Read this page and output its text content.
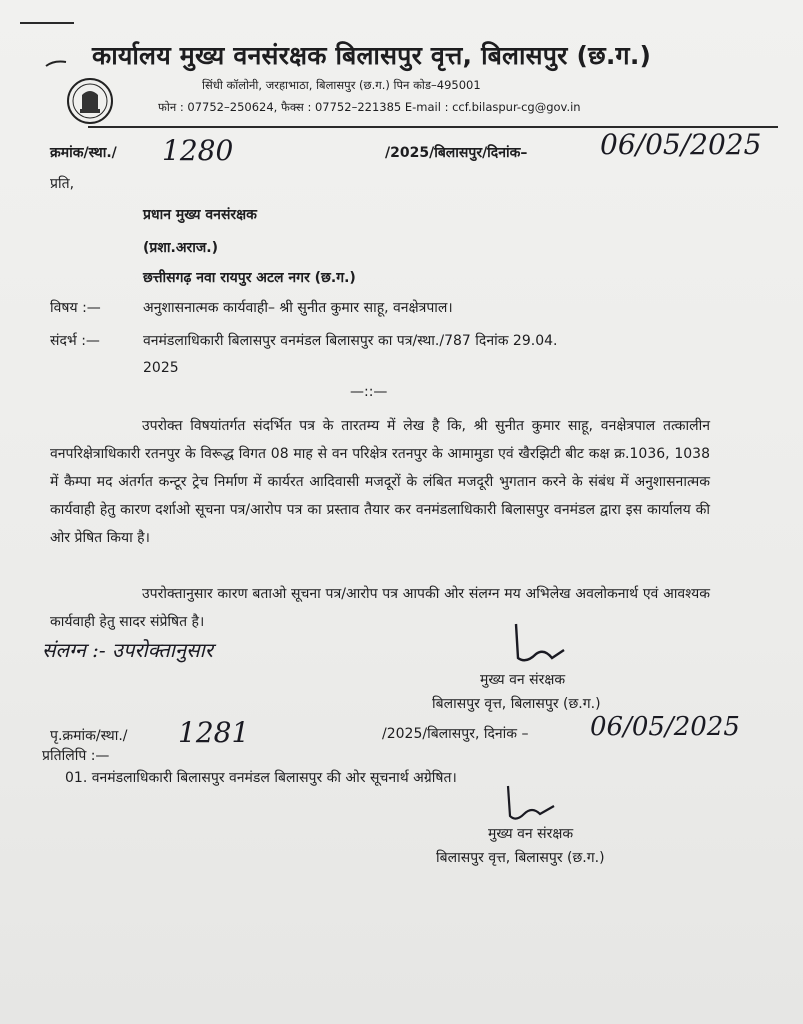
कार्यालय मुख्य वनसंरक्षक बिलासपुर वृत्त, बिलासपुर (छ.ग.)
सिंधी कॉलोनी, जरहाभाठा, बिलासपुर (छ.ग.) पिन कोड–495001
फोन : 07752–250624, फैक्स : 07752–221385 E-mail : ccf.bilaspur-cg@gov.in
क्रमांक/स्था./ 1280	/2025/बिलासपुर/दिनांक–	06/05/2025
प्रति,
प्रधान मुख्य वनसंरक्षक
(प्रशा.अराज.)
छत्तीसगढ़ नवा रायपुर अटल नगर (छ.ग.)
विषय :—	अनुशासनात्मक कार्यवाही– श्री सुनीत कुमार साहू, वनक्षेत्रपाल।
संदर्भ :—	वनमंडलाधिकारी बिलासपुर वनमंडल बिलासपुर का पत्र/स्था./787 दिनांक 29.04.
2025
—::—
उपरोक्त विषयांतर्गत संदर्भित पत्र के तारतम्य में लेख है कि, श्री सुनीत कुमार साहू, वनक्षेत्रपाल तत्कालीन वनपरिक्षेत्राधिकारी रतनपुर के विरूद्ध विगत 08 माह से वन परिक्षेत्र रतनपुर के आमामुडा एवं खैरझिटी बीट कक्ष क्र.1036, 1038 में कैम्पा मद अंतर्गत कन्टूर ट्रेच निर्माण में कार्यरत आदिवासी मजदूरों के लंबित मजदूरी भुगतान करने के संबंध में अनुशासनात्मक कार्यवाही हेतु कारण दर्शाओ सूचना पत्र/आरोप पत्र का प्रस्ताव तैयार कर वनमंडलाधिकारी बिलासपुर वनमंडल द्वारा इस कार्यालय की ओर प्रेषित किया है।
उपरोक्तानुसार कारण बताओ सूचना पत्र/आरोप पत्र आपकी ओर संलग्न मय अभिलेख अवलोकनार्थ एवं आवश्यक कार्यवाही हेतु सादर संप्रेषित है।
संलग्न :- उपरोक्तानुसार
मुख्य वन संरक्षक
बिलासपुर वृत्त, बिलासपुर (छ.ग.)
पृ.क्रमांक/स्था./ 1281	/2025/बिलासपुर, दिनांक – 06/05/2025
प्रतिलिपि :—
01. वनमंडलाधिकारी बिलासपुर वनमंडल बिलासपुर की ओर सूचनार्थ अग्रेषित।
मुख्य वन संरक्षक
बिलासपुर वृत्त, बिलासपुर (छ.ग.)
